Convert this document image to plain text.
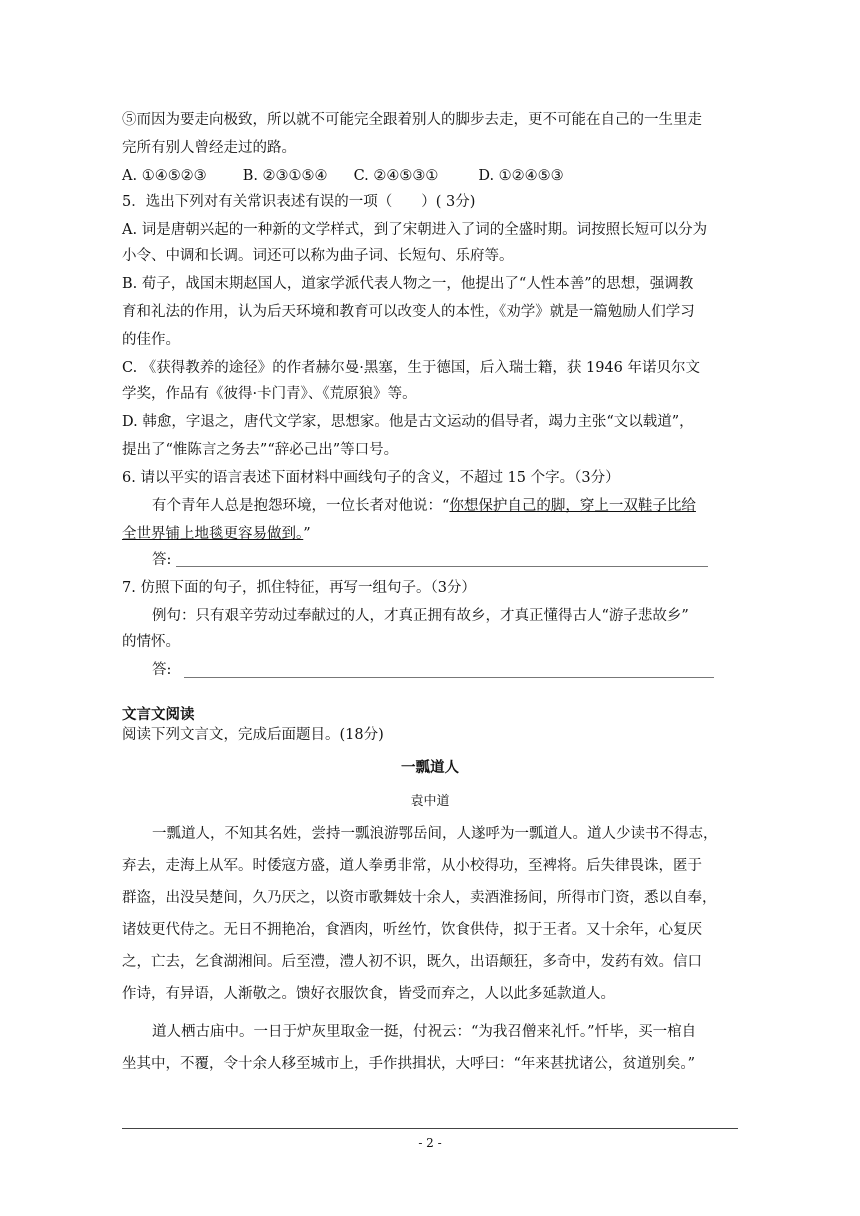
⑤而因为要走向极致，所以就不可能完全跟着别人的脚步去走，更不可能在自己的一生里走
完所有别人曾经走过的路。
A. ①④⑤②③ B. ②③①⑤④ C. ②④⑤③①	D. ①②④⑤③
5．选出下列对有关常识表述有误的一项（　　）( 3分)
A. 词是唐朝兴起的一种新的文学样式，到了宋朝进入了词的全盛时期。词按照长短可以分为
小令、中调和长调。词还可以称为曲子词、长短句、乐府等。
B. 荀子，战国末期赵国人，道家学派代表人物之一，他提出了“人性本善”的思想，强调教
育和礼法的作用，认为后天环境和教育可以改变人的本性，《劝学》就是一篇勉励人们学习
的佳作。
C. 《获得教养的途径》的作者赫尔曼·黑塞，生于德国，后入瑞士籍，获 1946 年诺贝尔文
学奖，作品有《彼得·卡门青》、《荒原狼》等。
D. 韩愈，字退之，唐代文学家，思想家。他是古文运动的倡导者，竭力主张“文以载道”，
提出了“惟陈言之务去”“辞必己出”等口号。
6. 请以平实的语言表述下面材料中画线句子的含义，不超过 15 个字。（3分）
有个青年人总是抱怨环境，一位长者对他说：“你想保护自己的脚，穿上一双鞋子比给
全世界铺上地毯更容易做到。”
答:
7. 仿照下面的句子，抓住特征，再写一组句子。（3分）
例句：只有艰辛劳动过奉献过的人，才真正拥有故乡，才真正懂得古人“游子悲故乡”
的情怀。
答:
文言文阅读
阅读下列文言文，完成后面题目。(18分)
一瓢道人
袁中道
一瓢道人，不知其名姓，尝持一瓢浪游鄂岳间，人遂呼为一瓢道人。道人少读书不得志，
弃去，走海上从军。时倭寇方盛，道人拳勇非常，从小校得功，至裨将。后失律畏诛，匿于
群盗，出没吴楚间，久乃厌之，以资市歌舞妓十余人，卖酒淮扬间，所得市门资，悉以自奉，
诸妓更代侍之。无日不拥艳冶，食酒肉，听丝竹，饮食供侍，拟于王者。又十余年，心复厌
之，亡去，乞食湖湘间。后至澧，澧人初不识，既久，出语颠狂，多奇中，发药有效。信口
作诗，有异语，人渐敬之。馈好衣服饮食，皆受而弃之，人以此多延款道人。
道人栖古庙中。一日于炉灰里取金一挺，付祝云：“为我召僧来礼忏。”忏毕，买一棺自
坐其中，不覆，令十余人移至城市上，手作拱揖状，大呼曰：“年来甚扰诸公，贫道别矣。”
- 2 -
